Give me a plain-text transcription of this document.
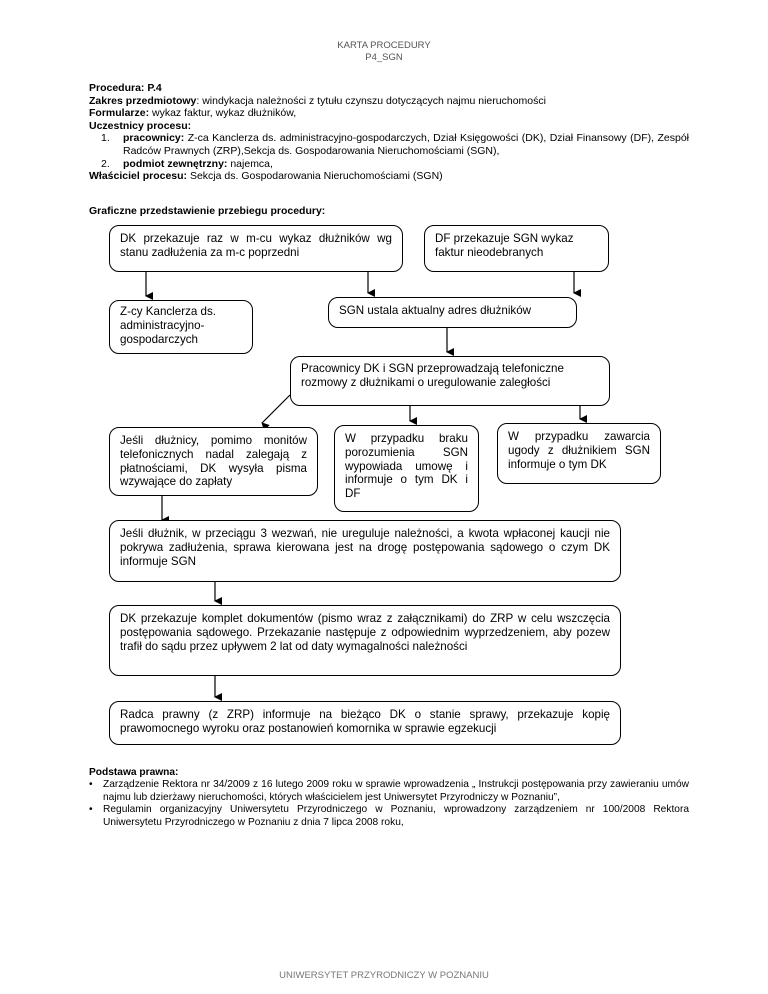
KARTA PROCEDURY
P4_SGN
Procedura: P.4
Zakres przedmiotowy: windykacja należności z tytułu czynszu dotyczących najmu nieruchomości
Formularze: wykaz faktur, wykaz dłużników,
Uczestnicy procesu:
1.	pracownicy: Z-ca Kanclerza ds. administracyjno-gospodarczych, Dział Księgowości (DK), Dział Finansowy (DF), Zespół Radców Prawnych (ZRP),Sekcja ds. Gospodarowania Nieruchomościami (SGN),
2.	podmiot zewnętrzny: najemca,
Właściciel procesu: Sekcja ds. Gospodarowania Nieruchomościami (SGN)
Graficzne przedstawienie przebiegu procedury:
DK przekazuje raz w m-cu wykaz dłużników wg stanu zadłużenia za m-c poprzedni
DF przekazuje SGN wykaz faktur nieodebranych
Z-cy Kanclerza ds. administracyjno-gospodarczych
SGN ustala aktualny adres dłużników
Pracownicy DK i SGN przeprowadzają telefoniczne rozmowy z dłużnikami o uregulowanie zaległości
Jeśli dłużnicy, pomimo monitów telefonicznych nadal zalegają z płatnościami, DK wysyła pisma wzywające do zapłaty
W przypadku braku porozumienia SGN wypowiada umowę i informuje o tym DK i DF
W przypadku zawarcia ugody z dłużnikiem SGN informuje o tym DK
Jeśli dłużnik, w przeciągu 3 wezwań, nie ureguluje należności, a kwota wpłaconej kaucji nie pokrywa zadłużenia, sprawa kierowana jest na drogę postępowania sądowego o czym DK informuje SGN
DK przekazuje komplet dokumentów (pismo wraz z załącznikami) do ZRP w celu wszczęcia postępowania sądowego. Przekazanie następuje z odpowiednim wyprzedzeniem, aby pozew trafił do sądu przez upływem 2 lat od daty wymagalności należności
Radca prawny (z ZRP) informuje na bieżąco DK o stanie sprawy, przekazuje kopię prawomocnego wyroku oraz postanowień komornika w sprawie egzekucji
Podstawa prawna:
• Zarządzenie Rektora nr 34/2009 z 16 lutego 2009 roku w sprawie wprowadzenia „ Instrukcji postępowania przy zawieraniu umów najmu lub dzierżawy nieruchomości, których właścicielem jest Uniwersytet Przyrodniczy w Poznaniu”,
• Regulamin organizacyjny Uniwersytetu Przyrodniczego w Poznaniu, wprowadzony zarządzeniem nr 100/2008 Rektora Uniwersytetu Przyrodniczego w Poznaniu z dnia 7 lipca 2008 roku,
UNIWERSYTET PRZYRODNICZY W POZNANIU
